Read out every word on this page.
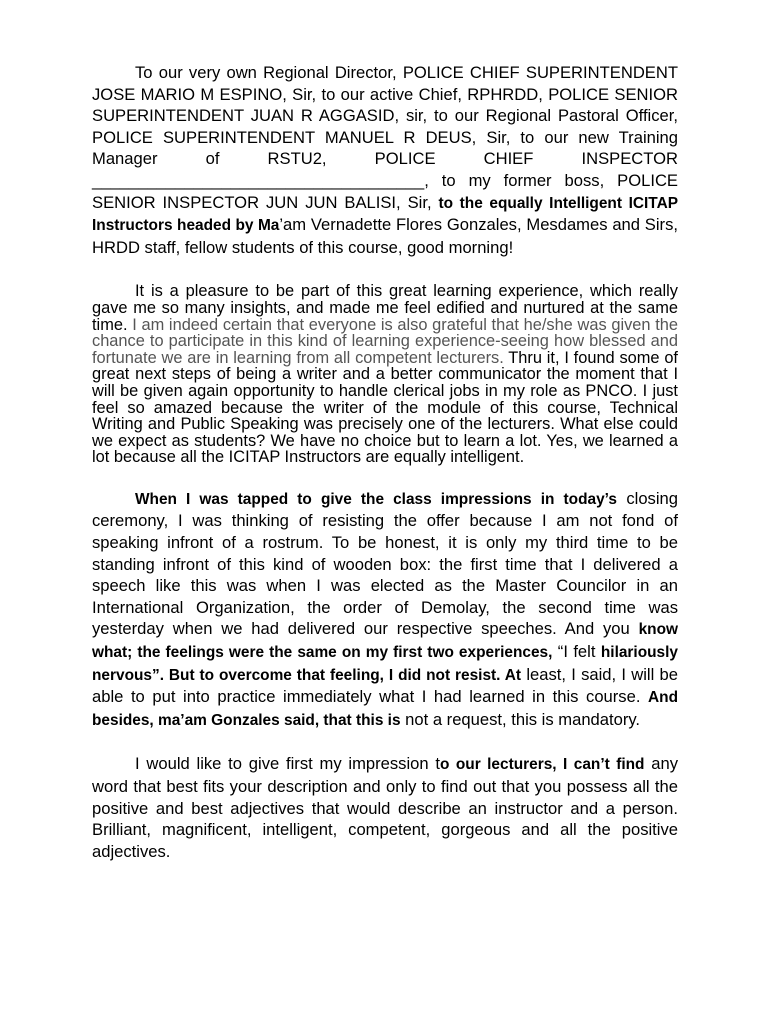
To our very own Regional Director, POLICE CHIEF SUPERINTENDENT JOSE MARIO M ESPINO, Sir, to our active Chief, RPHRDD, POLICE SENIOR SUPERINTENDENT JUAN R AGGASID, sir, to our Regional Pastoral Officer, POLICE SUPERINTENDENT MANUEL R DEUS, Sir, to our new Training Manager of RSTU2, POLICE CHIEF INSPECTOR ____________________________________, to my former boss, POLICE SENIOR INSPECTOR JUN JUN BALISI, Sir, to the equally Intelligent ICITAP Instructors headed by Ma’am Vernadette Flores Gonzales, Mesdames and Sirs, HRDD staff, fellow students of this course, good morning!

It is a pleasure to be part of this great learning experience, which really gave me so many insights, and made me feel edified and nurtured at the same time. I am indeed certain that everyone is also grateful that he/she was given the chance to participate in this kind of learning experience-seeing how blessed and fortunate we are in learning from all competent lecturers. Thru it, I found some of great next steps of being a writer and a better communicator the moment that I will be given again opportunity to handle clerical jobs in my role as PNCO. I just feel so amazed because the writer of the module of this course, Technical Writing and Public Speaking was precisely one of the lecturers. What else could we expect as students? We have no choice but to learn a lot. Yes, we learned a lot because all the ICITAP Instructors are equally intelligent.

When I was tapped to give the class impressions in today’s closing ceremony, I was thinking of resisting the offer because I am not fond of speaking infront of a rostrum. To be honest, it is only my third time to be standing infront of this kind of wooden box: the first time that I delivered a speech like this was when I was elected as the Master Councilor in an International Organization, the order of Demolay, the second time was yesterday when we had delivered our respective speeches. And you know what; the feelings were the same on my first two experiences, “I felt hilariously nervous”. But to overcome that feeling, I did not resist. At least, I said, I will be able to put into practice immediately what I had learned in this course. And besides, ma’am Gonzales said, that this is not a request, this is mandatory.

I would like to give first my impression to our lecturers, I can’t find any word that best fits your description and only to find out that you possess all the positive and best adjectives that would describe an instructor and a person. Brilliant, magnificent, intelligent, competent, gorgeous and all the positive adjectives.
